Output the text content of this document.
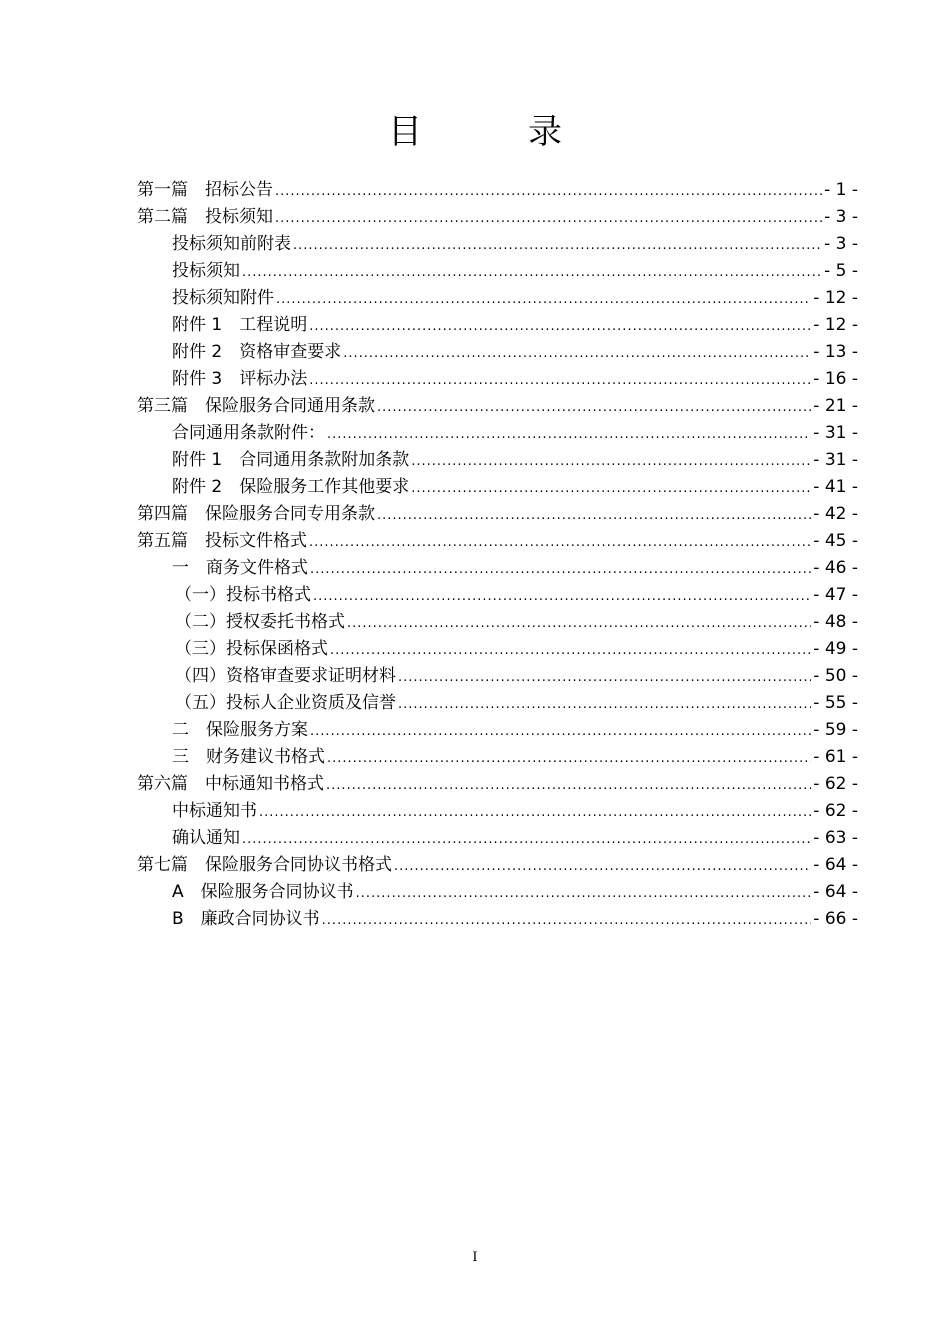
目　录
第一篇　招标公告 .....	- 1 -
第二篇　投标须知 .....	- 3 -
投标须知前附表 .....	- 3 -
投标须知 .....	- 5 -
投标须知附件 .....	- 12 -
附件 1　工程说明 .....	- 12 -
附件 2　资格审查要求 .....	- 13 -
附件 3　评标办法 .....	- 16 -
第三篇　保险服务合同通用条款 .....	- 21 -
合同通用条款附件： .....	- 31 -
附件 1　合同通用条款附加条款 .....	- 31 -
附件 2　保险服务工作其他要求 .....	- 41 -
第四篇　保险服务合同专用条款 .....	- 42 -
第五篇　投标文件格式 .....	- 45 -
一　商务文件格式 .....	- 46 -
（一）投标书格式 .....	- 47 -
（二）授权委托书格式 .....	- 48 -
（三）投标保函格式 .....	- 49 -
（四）资格审查要求证明材料 .....	- 50 -
（五）投标人企业资质及信誉 .....	- 55 -
二　保险服务方案 .....	- 59 -
三　财务建议书格式 .....	- 61 -
第六篇　中标通知书格式 .....	- 62 -
中标通知书 .....	- 62 -
确认通知 .....	- 63 -
第七篇　保险服务合同协议书格式 .....	- 64 -
A　保险服务合同协议书 .....	- 64 -
B　廉政合同协议书 .....	- 66 -
I
